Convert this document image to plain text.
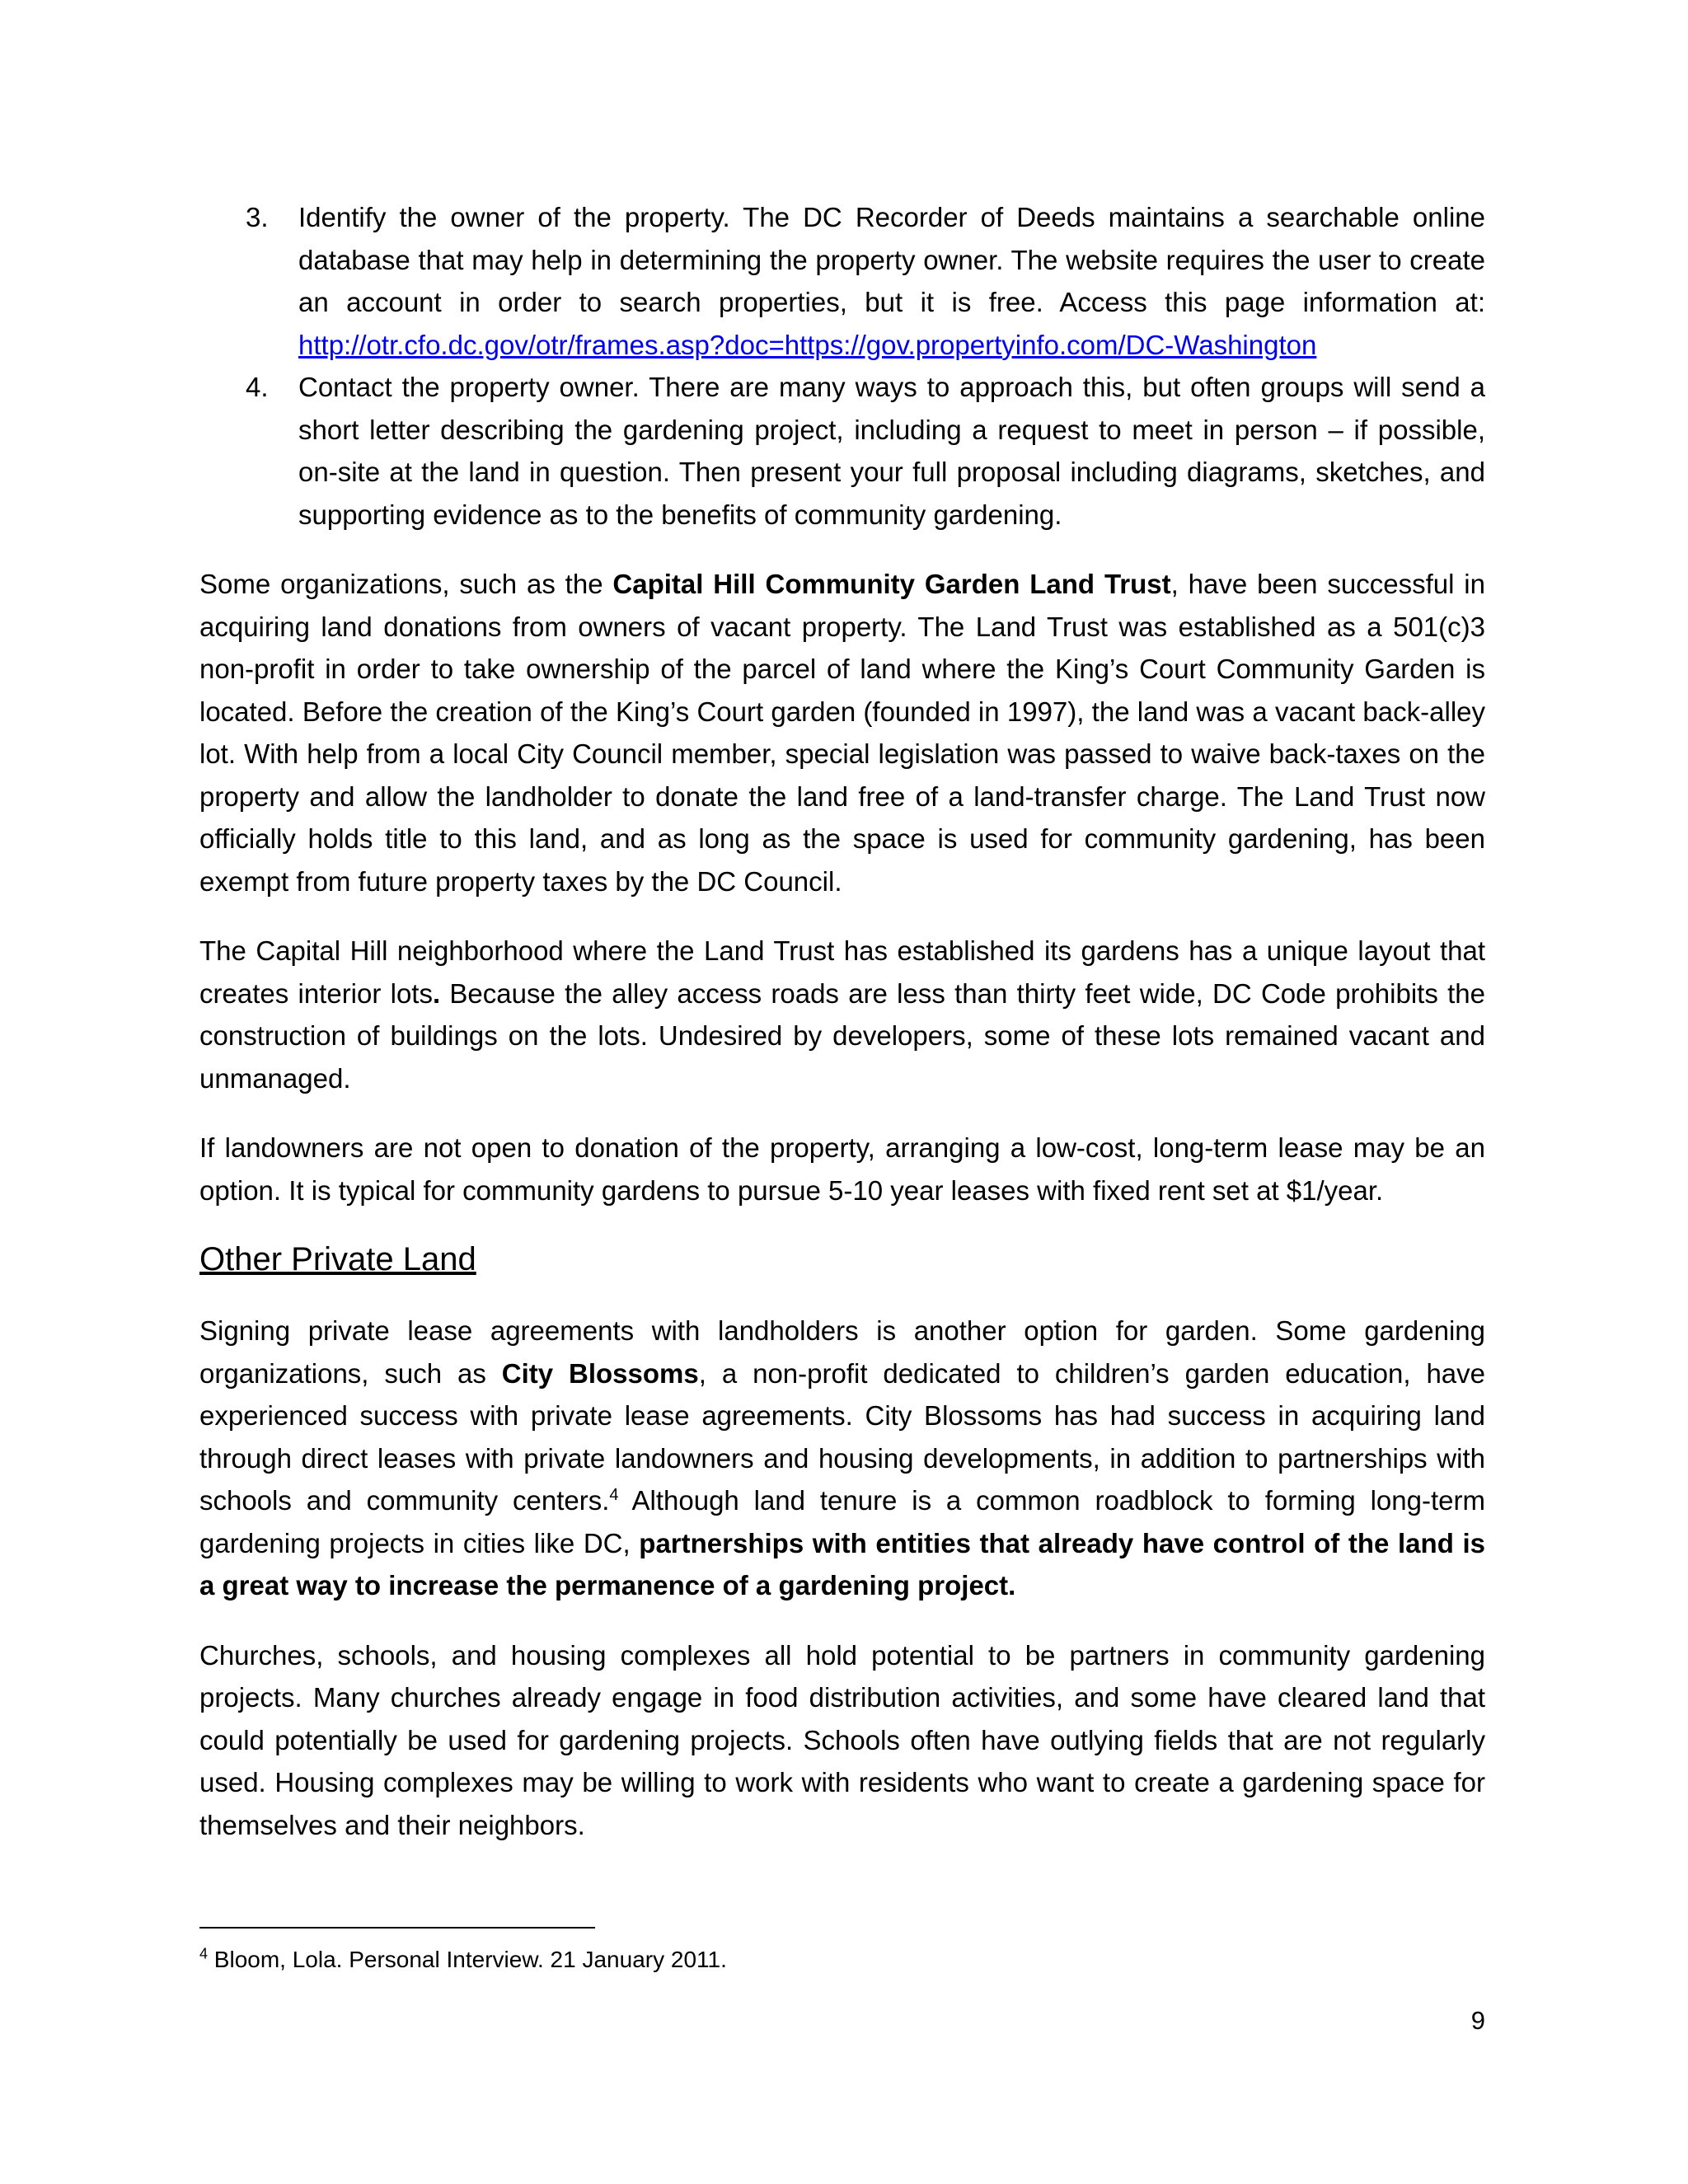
3. Identify the owner of the property. The DC Recorder of Deeds maintains a searchable online database that may help in determining the property owner. The website requires the user to create an account in order to search properties, but it is free. Access this page information at: http://otr.cfo.dc.gov/otr/frames.asp?doc=https://gov.propertyinfo.com/DC-Washington
4. Contact the property owner. There are many ways to approach this, but often groups will send a short letter describing the gardening project, including a request to meet in person – if possible, on-site at the land in question. Then present your full proposal including diagrams, sketches, and supporting evidence as to the benefits of community gardening.

Some organizations, such as the Capital Hill Community Garden Land Trust, have been successful in acquiring land donations from owners of vacant property. The Land Trust was established as a 501(c)3 non-profit in order to take ownership of the parcel of land where the King’s Court Community Garden is located. Before the creation of the King’s Court garden (founded in 1997), the land was a vacant back-alley lot. With help from a local City Council member, special legislation was passed to waive back-taxes on the property and allow the landholder to donate the land free of a land-transfer charge. The Land Trust now officially holds title to this land, and as long as the space is used for community gardening, has been exempt from future property taxes by the DC Council.

The Capital Hill neighborhood where the Land Trust has established its gardens has a unique layout that creates interior lots. Because the alley access roads are less than thirty feet wide, DC Code prohibits the construction of buildings on the lots. Undesired by developers, some of these lots remained vacant and unmanaged.

If landowners are not open to donation of the property, arranging a low-cost, long-term lease may be an option. It is typical for community gardens to pursue 5-10 year leases with fixed rent set at $1/year.

Other Private Land

Signing private lease agreements with landholders is another option for garden. Some gardening organizations, such as City Blossoms, a non-profit dedicated to children’s garden education, have experienced success with private lease agreements. City Blossoms has had success in acquiring land through direct leases with private landowners and housing developments, in addition to partnerships with schools and community centers.$^4$ Although land tenure is a common roadblock to forming long-term gardening projects in cities like DC, partnerships with entities that already have control of the land is a great way to increase the permanence of a gardening project.

Churches, schools, and housing complexes all hold potential to be partners in community gardening projects. Many churches already engage in food distribution activities, and some have cleared land that could potentially be used for gardening projects. Schools often have outlying fields that are not regularly used. Housing complexes may be willing to work with residents who want to create a gardening space for themselves and their neighbors.

$^4$ Bloom, Lola. Personal Interview. 21 January 2011.
9
